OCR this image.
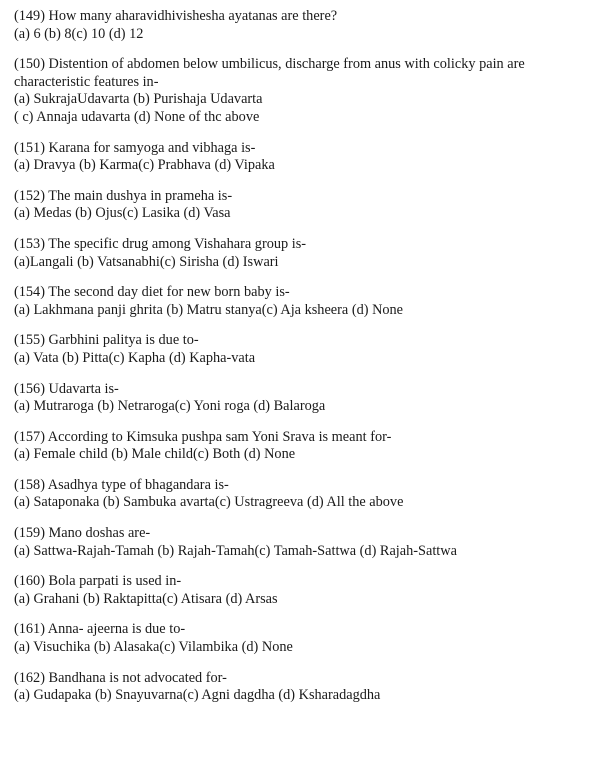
(149) How many aharavidhivishesha ayatanas are there?
(a) 6 (b) 8(c) 10 (d) 12
(150) Distention of abdomen below umbilicus, discharge from anus with colicky pain are characteristic features in-
(a) SukrajaUdavarta (b) Purishaja Udavarta
( c) Annaja udavarta (d) None of thc above
(151) Karana for samyoga and vibhaga is-
(a) Dravya (b) Karma(c) Prabhava (d) Vipaka
(152) The main dushya in prameha is-
(a) Medas (b) Ojus(c) Lasika (d) Vasa
(153) The specific drug among Vishahara group is-
(a)Langali (b) Vatsanabhi(c) Sirisha (d) Iswari
(154) The second day diet for new born baby is-
(a) Lakhmana panji ghrita (b) Matru stanya(c) Aja ksheera (d) None
(155) Garbhini palitya is due to-
(a) Vata (b) Pitta(c) Kapha (d) Kapha-vata
(156) Udavarta is-
(a) Mutraroga (b) Netraroga(c) Yoni roga (d) Balaroga
(157) According to Kimsuka pushpa sam Yoni Srava is meant for-
(a) Female child (b) Male child(c) Both (d) None
(158) Asadhya type of bhagandara is-
(a) Sataponaka (b) Sambuka avarta(c) Ustragreeva (d) All the above
(159) Mano doshas are-
(a) Sattwa-Rajah-Tamah (b) Rajah-Tamah(c) Tamah-Sattwa (d) Rajah-Sattwa
(160) Bola parpati is used in-
(a) Grahani (b) Raktapitta(c) Atisara (d) Arsas
(161) Anna- ajeerna is due to-
(a) Visuchika (b) Alasaka(c) Vilambika (d) None
(162) Bandhana is not advocated for-
(a) Gudapaka (b) Snayuvarna(c) Agni dagdha (d) Ksharadagdha
